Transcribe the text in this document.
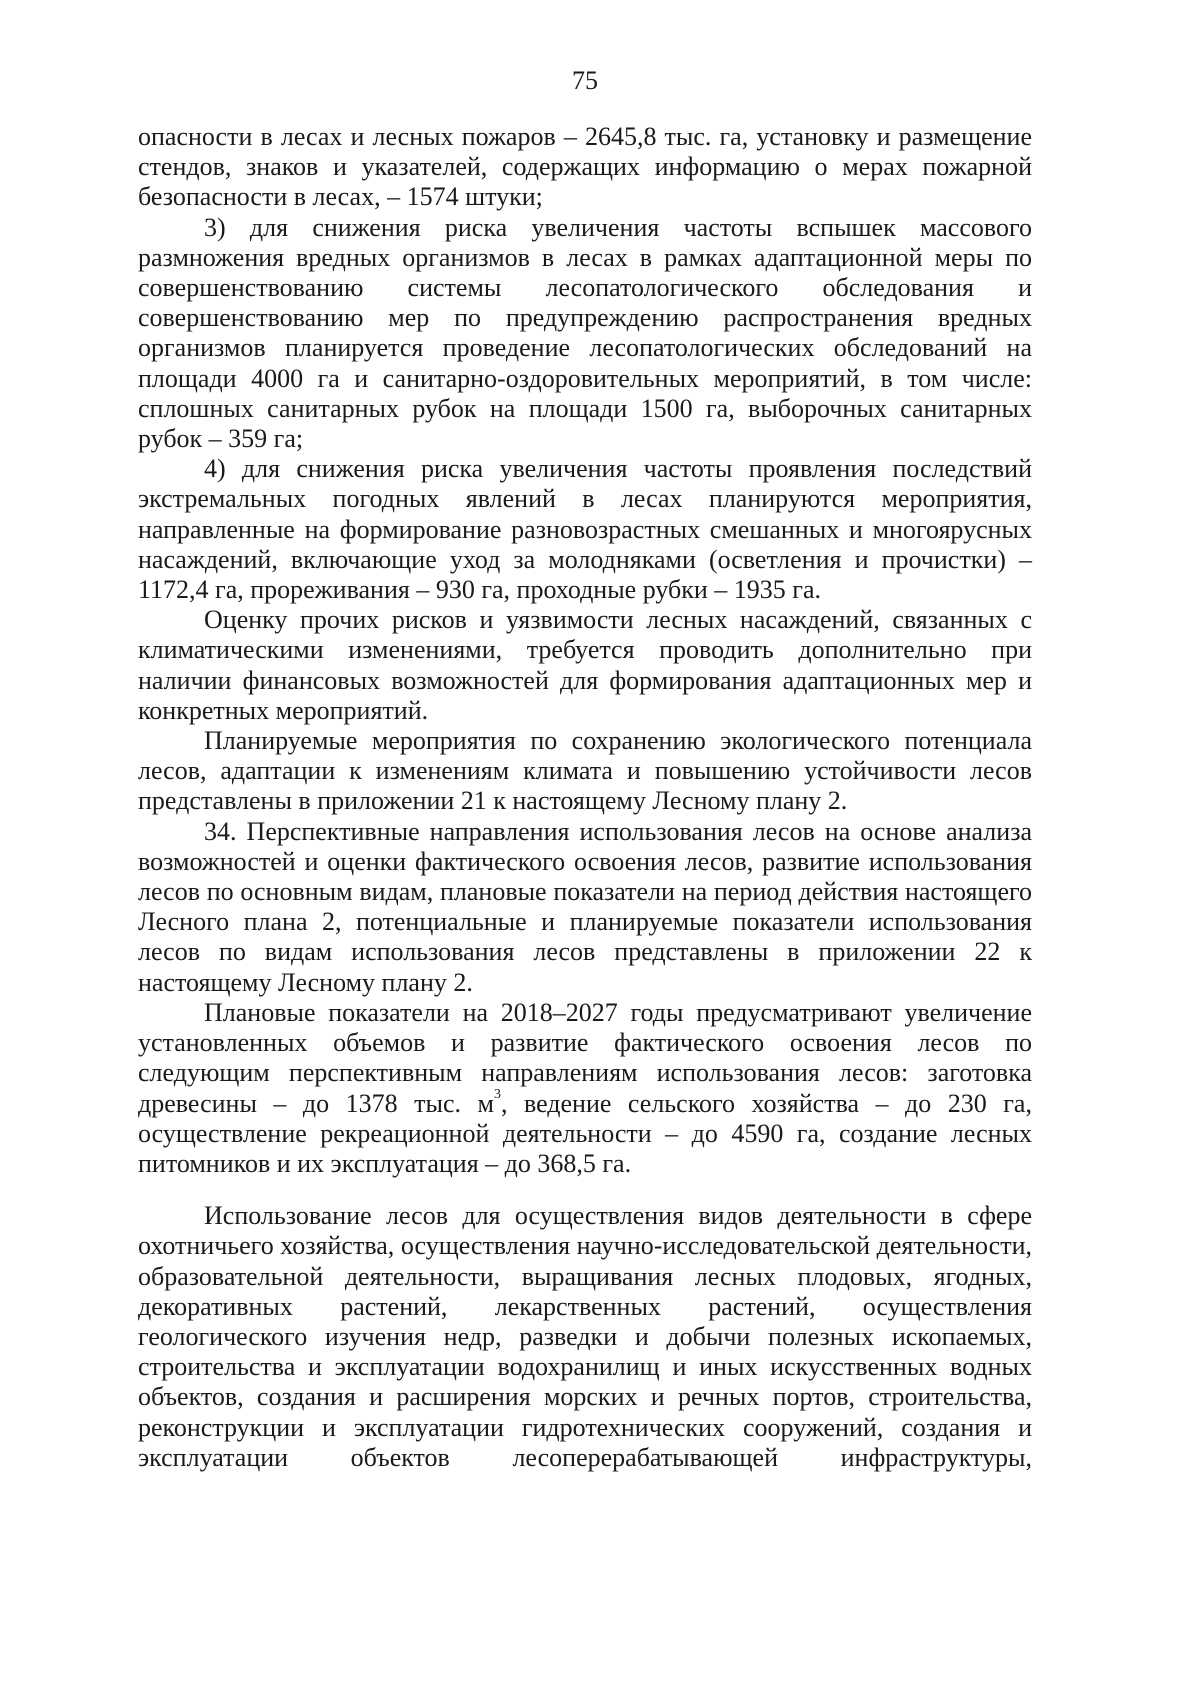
75

опасности в лесах и лесных пожаров – 2645,8 тыс. га, установку и размещение стендов, знаков и указателей, содержащих информацию о мерах пожарной безопасности в лесах, – 1574 штуки;

3) для снижения риска увеличения частоты вспышек массового размножения вредных организмов в лесах в рамках адаптационной меры по совершенствованию системы лесопатологического обследования и совершенствованию мер по предупреждению распространения вредных организмов планируется проведение лесопатологических обследований на площади 4000 га и санитарно-оздоровительных мероприятий, в том числе: сплошных санитарных рубок на площади 1500 га, выборочных санитарных рубок – 359 га;

4) для снижения риска увеличения частоты проявления последствий экстремальных погодных явлений в лесах планируются мероприятия, направленные на формирование разновозрастных смешанных и многоярусных насаждений, включающие уход за молодняками (осветления и прочистки) – 1172,4 га, прореживания – 930 га, проходные рубки – 1935 га.

Оценку прочих рисков и уязвимости лесных насаждений, связанных с климатическими изменениями, требуется проводить дополнительно при наличии финансовых возможностей для формирования адаптационных мер и конкретных мероприятий.

Планируемые мероприятия по сохранению экологического потенциала лесов, адаптации к изменениям климата и повышению устойчивости лесов представлены в приложении 21 к настоящему Лесному плану 2.

34. Перспективные направления использования лесов на основе анализа возможностей и оценки фактического освоения лесов, развитие использования лесов по основным видам, плановые показатели на период действия настоящего Лесного плана 2, потенциальные и планируемые показатели использования лесов по видам использования лесов представлены в приложении 22 к настоящему Лесному плану 2.

Плановые показатели на 2018–2027 годы предусматривают увеличение установленных объемов и развитие фактического освоения лесов по следующим перспективным направлениям использования лесов: заготовка древесины – до 1378 тыс. $м^3$, ведение сельского хозяйства – до 230 га, осуществление рекреационной деятельности – до 4590 га, создание лесных питомников и их эксплуатация – до 368,5 га.

Использование лесов для осуществления видов деятельности в сфере охотничьего хозяйства, осуществления научно-исследовательской деятельности, образовательной деятельности, выращивания лесных плодовых, ягодных, декоративных растений, лекарственных растений, осуществления геологического изучения недр, разведки и добычи полезных ископаемых, строительства и эксплуатации водохранилищ и иных искусственных водных объектов, создания и расширения морских и речных портов, строительства, реконструкции и эксплуатации гидротехнических сооружений, создания и эксплуатации объектов лесоперерабатывающей инфраструктуры,
